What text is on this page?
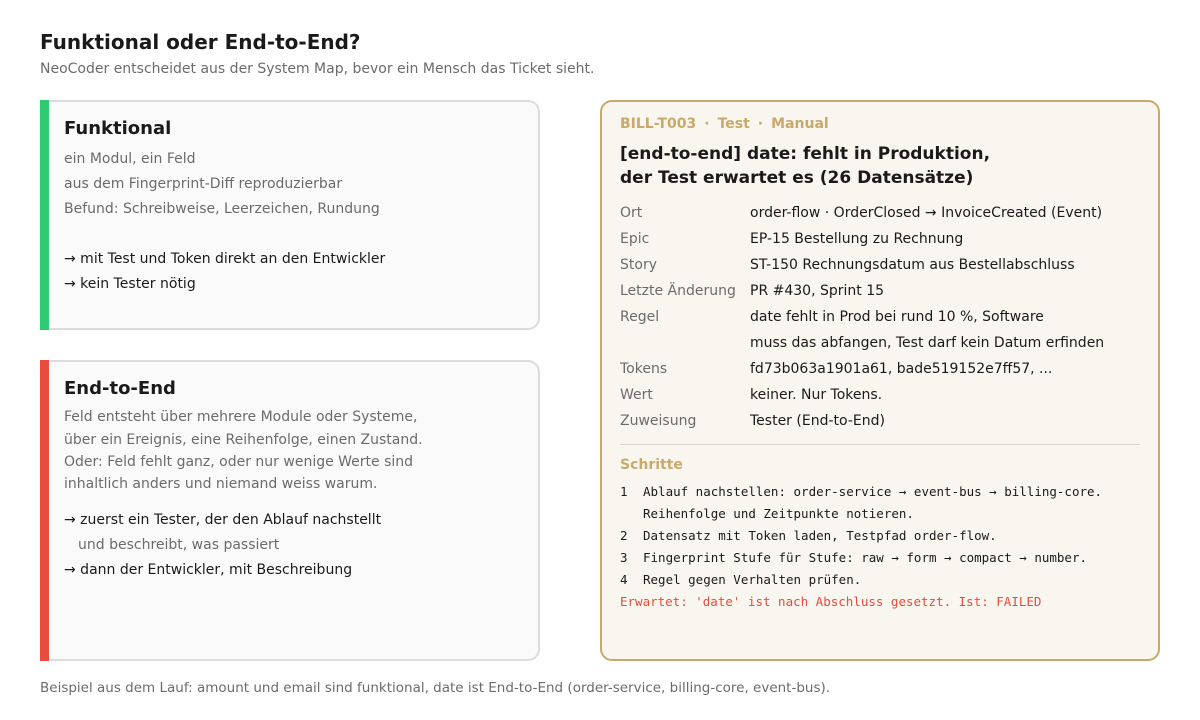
Funktional oder End-to-End?
NeoCoder entscheidet aus der System Map, bevor ein Mensch das Ticket sieht.
Funktional
ein Modul, ein Feld
aus dem Fingerprint-Diff reproduzierbar
Befund: Schreibweise, Leerzeichen, Rundung
→ mit Test und Token direkt an den Entwickler
→ kein Tester nötig
End-to-End
Feld entsteht über mehrere Module oder Systeme,
über ein Ereignis, eine Reihenfolge, einen Zustand.
Oder: Feld fehlt ganz, oder nur wenige Werte sind
inhaltlich anders und niemand weiss warum.
→ zuerst ein Tester, der den Ablauf nachstellt
und beschreibt, was passiert
→ dann der Entwickler, mit Beschreibung
BILL-T003 · Test · Manual
[end-to-end] date: fehlt in Produktion,
der Test erwartet es (26 Datensätze)
Ort	order-flow · OrderClosed → InvoiceCreated (Event)
Epic	EP-15 Bestellung zu Rechnung
Story	ST-150 Rechnungsdatum aus Bestellabschluss
Letzte Änderung PR #430, Sprint 15
Regel	date fehlt in Prod bei rund 10 %, Software
muss das abfangen, Test darf kein Datum erfinden
Tokens	fd73b063a1901a61, bade519152e7ff57, ...
Wert	keiner. Nur Tokens.
Zuweisung	Tester (End-to-End)
Schritte
1 Ablauf nachstellen: order-service → event-bus → billing-core.
Reihenfolge und Zeitpunkte notieren.
2 Datensatz mit Token laden, Testpfad order-flow.
3 Fingerprint Stufe für Stufe: raw → form → compact → number.
4 Regel gegen Verhalten prüfen.
Erwartet: 'date' ist nach Abschluss gesetzt. Ist: FAILED
Beispiel aus dem Lauf: amount und email sind funktional, date ist End-to-End (order-service, billing-core, event-bus).
